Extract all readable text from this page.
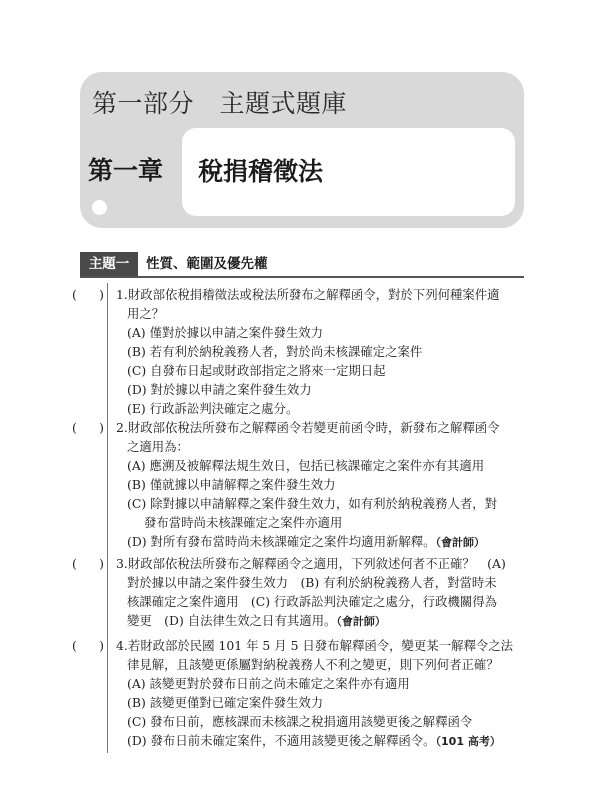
第一部分　主題式題庫
第一章 稅捐稽徵法
主題一	性質、範圍及優先權
( ) 1.財政部依稅捐稽徵法或稅法所發布之解釋函令，對於下列何種案件適
用之？
(A) 僅對於據以申請之案件發生效力
(B) 若有利於納稅義務人者，對於尚未核課確定之案件
(C) 自發布日起或財政部指定之將來一定期日起
(D) 對於據以申請之案件發生效力
(E) 行政訴訟判決確定之處分。
( ) 2.財政部依稅法所發布之解釋函令若變更前函令時，新發布之解釋函令
之適用為：
(A) 應溯及被解釋法規生效日，包括已核課確定之案件亦有其適用
(B) 僅就據以申請解釋之案件發生效力
(C) 除對據以申請解釋之案件發生效力，如有利於納稅義務人者，對
發布當時尚未核課確定之案件亦適用
(D) 對所有發布當時尚未核課確定之案件均適用新解釋。（會計師）
( ) 3.財政部依稅法所發布之解釋函令之適用，下列敘述何者不正確？　(A)
對於據以申請之案件發生效力　(B) 有利於納稅義務人者，對當時未
核課確定之案件適用　(C) 行政訴訟判決確定之處分，行政機關得為
變更　(D) 自法律生效之日有其適用。（會計師）
( ) 4.若財政部於民國 101 年 5 月 5 日發布解釋函令，變更某一解釋令之法
律見解，且該變更係屬對納稅義務人不利之變更，則下列何者正確？
(A) 該變更對於發布日前之尚未確定之案件亦有適用
(B) 該變更僅對已確定案件發生效力
(C) 發布日前，應核課而未核課之稅捐適用該變更後之解釋函令
(D) 發布日前未確定案件，不適用該變更後之解釋函令。（101 高考）
